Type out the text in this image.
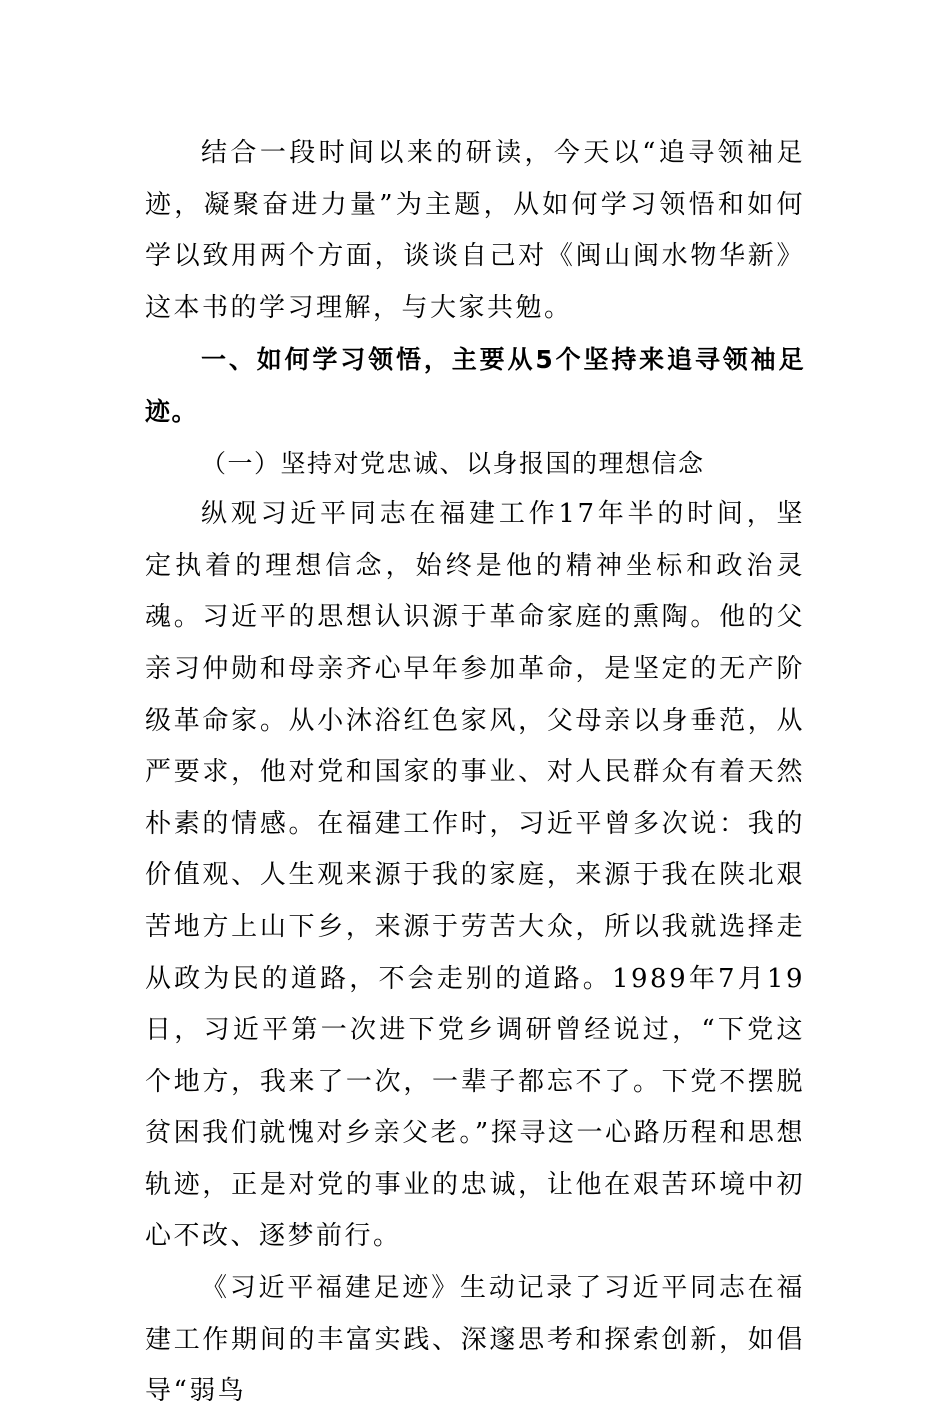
结合一段时间以来的研读，今天以“追寻领袖足迹，凝聚奋进力量”为主题，从如何学习领悟和如何学以致用两个方面，谈谈自己对《闽山闽水物华新》这本书的学习理解，与大家共勉。

一、如何学习领悟，主要从5个坚持来追寻领袖足迹。

（一）坚持对党忠诚、以身报国的理想信念

纵观习近平同志在福建工作17年半的时间，坚定执着的理想信念，始终是他的精神坐标和政治灵魂。习近平的思想认识源于革命家庭的熏陶。他的父亲习仲勋和母亲齐心早年参加革命，是坚定的无产阶级革命家。从小沐浴红色家风，父母亲以身垂范，从严要求，他对党和国家的事业、对人民群众有着天然朴素的情感。在福建工作时，习近平曾多次说：我的价值观、人生观来源于我的家庭，来源于我在陕北艰苦地方上山下乡，来源于劳苦大众，所以我就选择走从政为民的道路，不会走别的道路。1989年7月19日，习近平第一次进下党乡调研曾经说过，“下党这个地方，我来了一次，一辈子都忘不了。下党不摆脱贫困我们就愧对乡亲父老。”探寻这一心路历程和思想轨迹，正是对党的事业的忠诚，让他在艰苦环境中初心不改、逐梦前行。

《习近平福建足迹》生动记录了习近平同志在福建工作期间的丰富实践、深邃思考和探索创新，如倡导“弱鸟
